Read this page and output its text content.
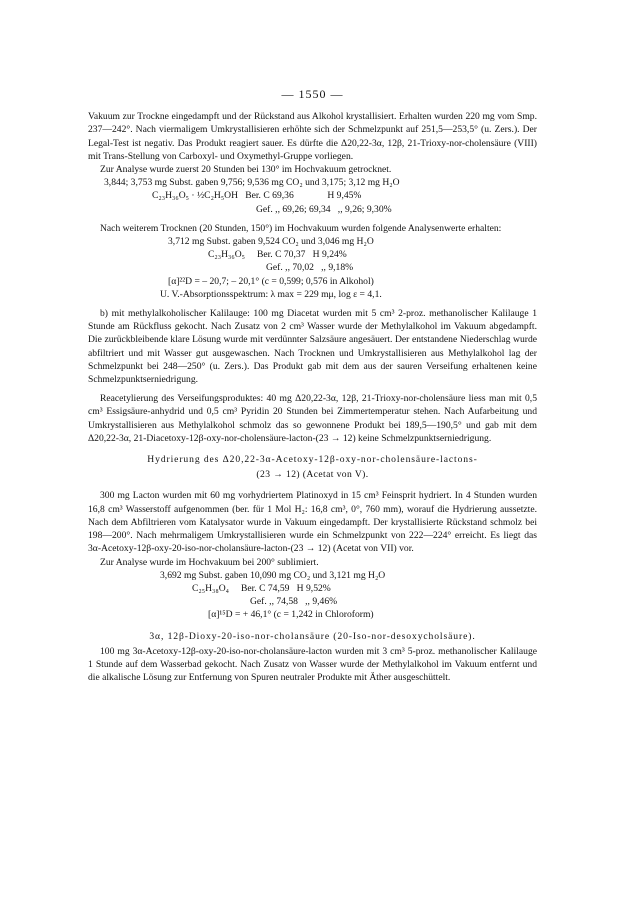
— 1550 —

Vakuum zur Trockne eingedampft und der Rückstand aus Alkohol krystallisiert. Erhalten wurden 220 mg vom Smp. 237—242°. Nach viermaligem Umkrystallisieren erhöhte sich der Schmelzpunkt auf 251,5—253,5° (u. Zers.). Der Legal-Test ist negativ. Das Produkt reagiert sauer. Es dürfte die Δ20,22-3α, 12β, 21-Trioxy-nor-cholensäure (VIII) mit Trans-Stellung von Carboxyl- und Oxymethyl-Gruppe vorliegen.

Zur Analyse wurde zuerst 20 Stunden bei 130° im Hochvakuum getrocknet.

3,844; 3,753 mg Subst. gaben 9,756; 9,536 mg CO₂ und 3,175; 3,12 mg H₂O
C₂₃H₃₆O₅ · ½C₂H₅OH   Ber. C 69,36              H 9,45%
Gef. ,, 69,26; 69,34   ,, 9,26; 9,30%

Nach weiterem Trocknen (20 Stunden, 150°) im Hochvakuum wurden folgende Analysenwerte erhalten:

3,712 mg Subst. gaben 9,524 CO₂ und 3,046 mg H₂O
C₂₃H₃₆O₅     Ber. C 70,37   H 9,24%
Gef. ,, 70,02   ,, 9,18%
[α]²²D = – 20,7; – 20,1° (c = 0,599; 0,576 in Alkohol)
U. V.-Absorptionsspektrum: λ max = 229 mμ, log ε = 4,1.

b) mit methylalkoholischer Kalilauge: 100 mg Diacetat wurden mit 5 cm³ 2-proz. methanolischer Kalilauge 1 Stunde am Rückfluss gekocht. Nach Zusatz von 2 cm³ Wasser wurde der Methylalkohol im Vakuum abgedampft. Die zurückbleibende klare Lösung wurde mit verdünnter Salzsäure angesäuert. Der entstandene Niederschlag wurde abfiltriert und mit Wasser gut ausgewaschen. Nach Trocknen und Umkrystallisieren aus Methylalkohol lag der Schmelzpunkt bei 248—250° (u. Zers.). Das Produkt gab mit dem aus der sauren Verseifung erhaltenen keine Schmelzpunktserniedrigung.

Reacetylierung des Verseifungsproduktes: 40 mg Δ20,22-3α, 12β, 21-Trioxy-nor-cholensäure liess man mit 0,5 cm³ Essigsäure-anhydrid und 0,5 cm³ Pyridin 20 Stunden bei Zimmertemperatur stehen. Nach Aufarbeitung und Umkrystallisieren aus Methylalkohol schmolz das so gewonnene Produkt bei 189,5—190,5° und gab mit dem Δ20,22-3α, 21-Diacetoxy-12β-oxy-nor-cholensäure-lacton-(23 → 12) keine Schmelzpunktserniedrigung.

Hydrierung des Δ20,22-3α-Acetoxy-12β-oxy-nor-cholensäure-lactons-
(23 → 12) (Acetat von V).

300 mg Lacton wurden mit 60 mg vorhydriertem Platinoxyd in 15 cm³ Feinsprit hydriert. In 4 Stunden wurden 16,8 cm³ Wasserstoff aufgenommen (ber. für 1 Mol H₂: 16,8 cm³, 0°, 760 mm), worauf die Hydrierung aussetzte. Nach dem Abfiltrieren vom Katalysator wurde in Vakuum eingedampft. Der krystallisierte Rückstand schmolz bei 198—200°. Nach mehrmaligem Umkrystallisieren wurde ein Schmelzpunkt von 222—224° erreicht. Es liegt das 3α-Acetoxy-12β-oxy-20-iso-nor-cholansäure-lacton-(23 → 12) (Acetat von VII) vor.

Zur Analyse wurde im Hochvakuum bei 200° sublimiert.

3,692 mg Subst. gaben 10,090 mg CO₂ und 3,121 mg H₂O
C₂₅H₃₈O₄     Ber. C 74,59   H 9,52%
Gef. ,, 74,58   ,, 9,46%
[α]¹⁵D = + 46,1° (c = 1,242 in Chloroform)
3α, 12β-Dioxy-20-iso-nor-cholansäure (20-Iso-nor-desoxycholsäure).

100 mg 3α-Acetoxy-12β-oxy-20-iso-nor-cholansäure-lacton wurden mit 3 cm³ 5-proz. methanolischer Kalilauge 1 Stunde auf dem Wasserbad gekocht. Nach Zusatz von Wasser wurde der Methylalkohol im Vakuum entfernt und die alkalische Lösung zur Entfernung von Spuren neutraler Produkte mit Äther ausgeschüttelt.
